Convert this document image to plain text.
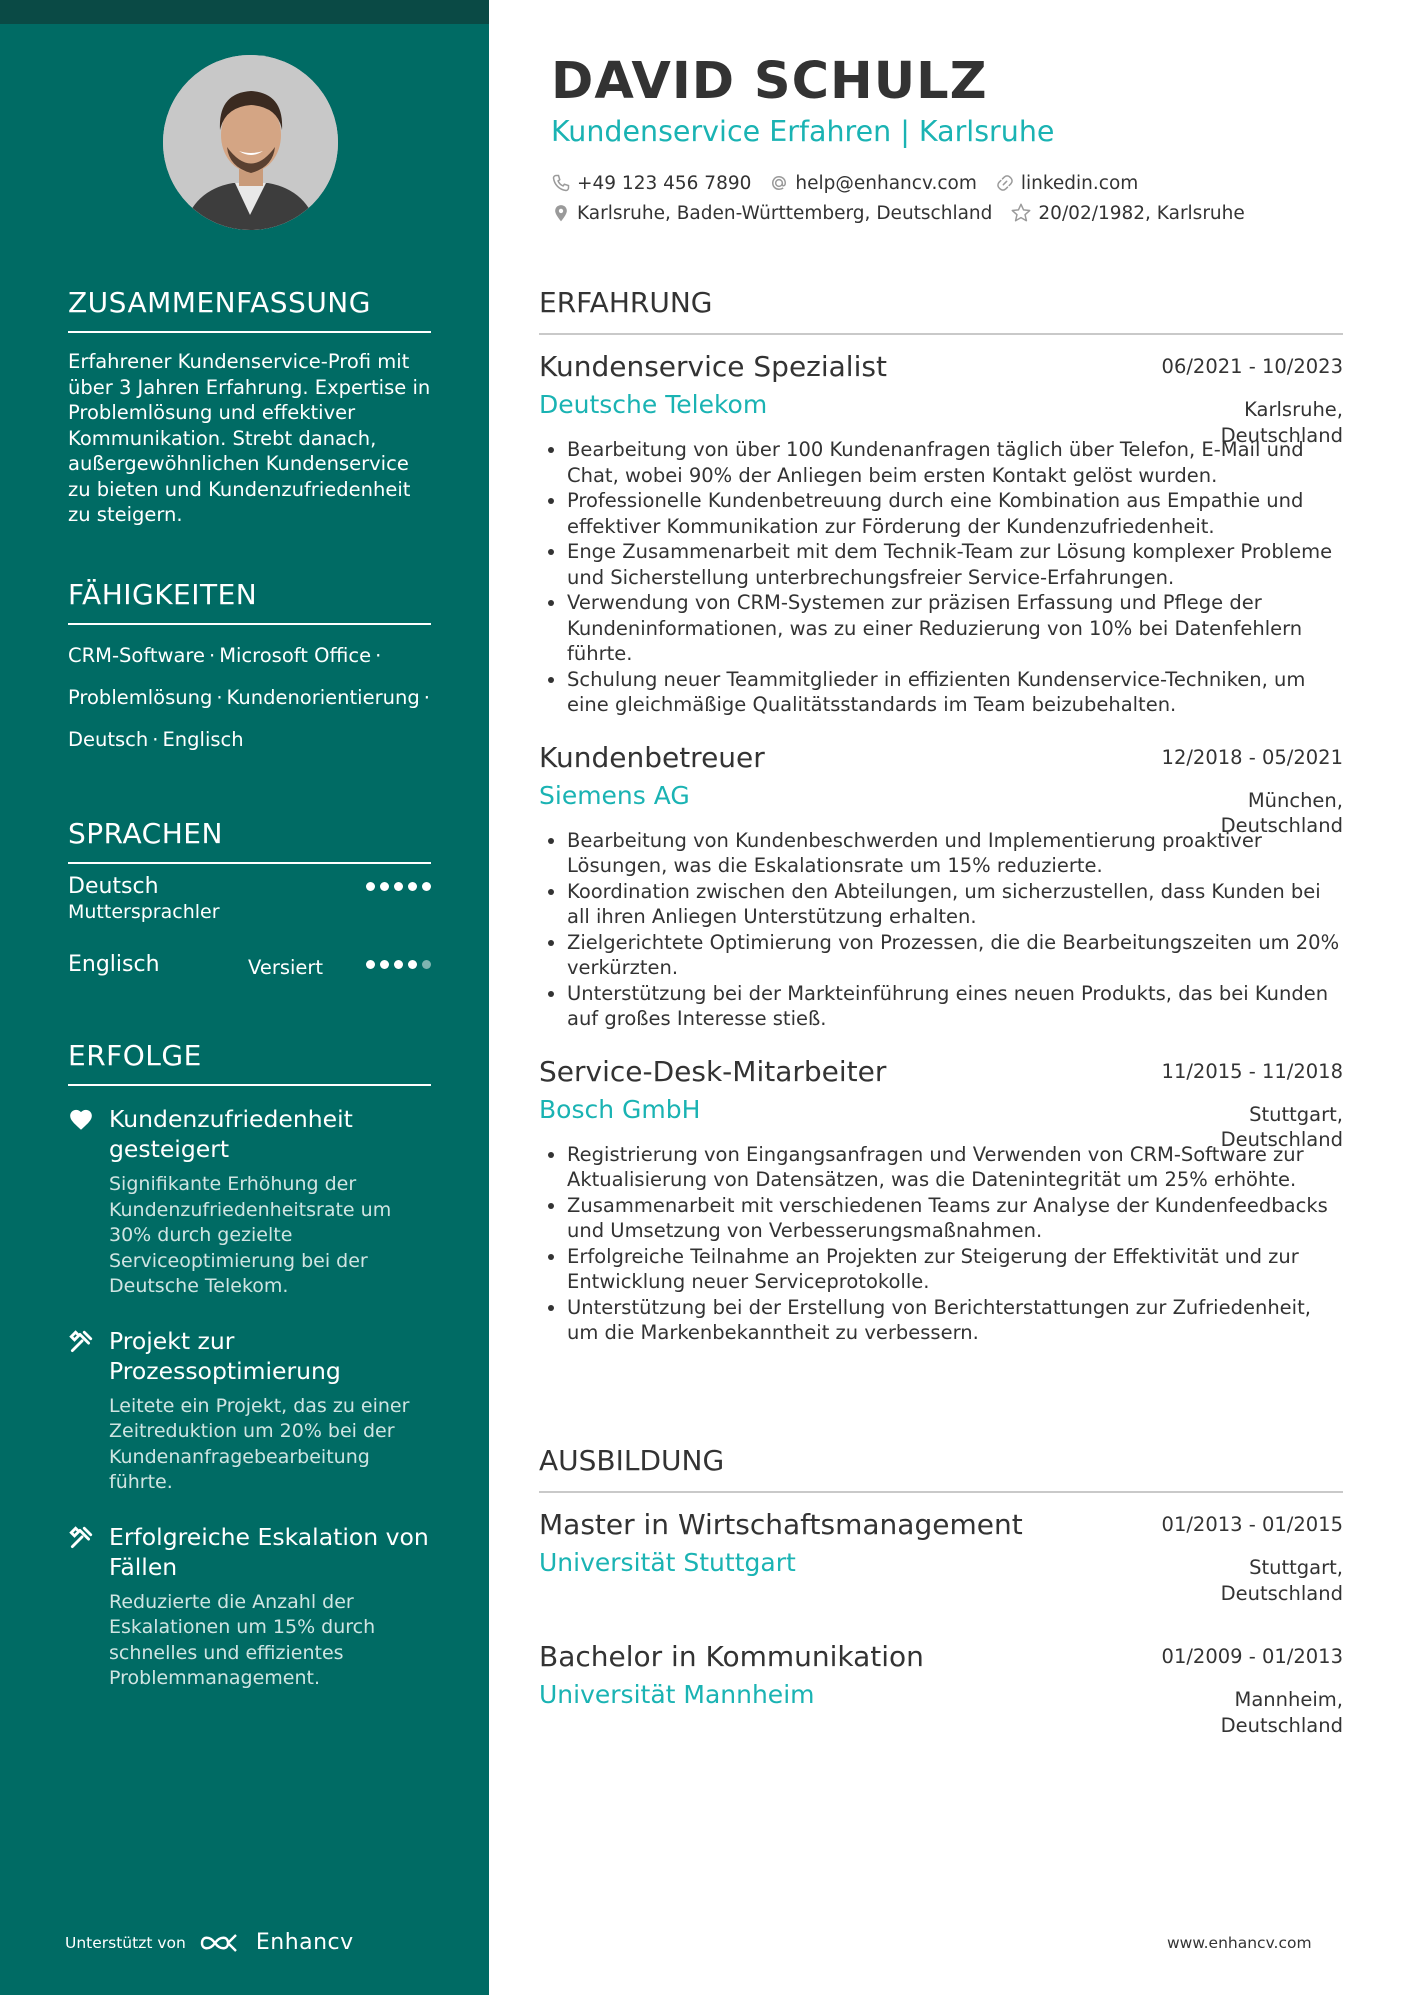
ZUSAMMENFASSUNG

Erfahrener Kundenservice-Profi mit über 3 Jahren Erfahrung. Expertise in Problemlösung und effektiver Kommunikation. Strebt danach, außergewöhnlichen Kundenservice zu bieten und Kundenzufriedenheit zu steigern.

FÄHIGKEITEN
CRM-Software · Microsoft Office ·
Problemlösung · Kundenorientierung ·
Deutsch · Englisch
SPRACHEN
Deutsch
Muttersprachler
Englisch	Versiert
ERFOLGE
Kundenzufriedenheit gesteigert
Signifikante Erhöhung der Kundenzufriedenheitsrate um 30% durch gezielte Serviceoptimierung bei der Deutsche Telekom.
Projekt zur Prozessoptimierung
Leitete ein Projekt, das zu einer Zeitreduktion um 20% bei der Kundenanfragebearbeitung führte.
Erfolgreiche Eskalation von Fällen
Reduzierte die Anzahl der Eskalationen um 15% durch schnelles und effizientes Problemmanagement.
Unterstützt von	Enhancv
DAVID SCHULZ
Kundenservice Erfahren | Karlsruhe
+49 123 456 7890 help@enhancv.com linkedin.com
Karlsruhe, Baden-Württemberg, Deutschland 20/02/1982, Karlsruhe
ERFAHRUNG
Kundenservice Spezialist	06/2021 - 10/2023
Deutsche Telekom	Karlsruhe, Deutschland
• Bearbeitung von über 100 Kundenanfragen täglich über Telefon, E-Mail und Chat, wobei 90% der Anliegen beim ersten Kontakt gelöst wurden.
• Professionelle Kundenbetreuung durch eine Kombination aus Empathie und effektiver Kommunikation zur Förderung der Kundenzufriedenheit.
• Enge Zusammenarbeit mit dem Technik-Team zur Lösung komplexer Probleme und Sicherstellung unterbrechungsfreier Service-Erfahrungen.
• Verwendung von CRM-Systemen zur präzisen Erfassung und Pflege der Kundeninformationen, was zu einer Reduzierung von 10% bei Datenfehlern führte.
• Schulung neuer Teammitglieder in effizienten Kundenservice-Techniken, um eine gleichmäßige Qualitätsstandards im Team beizubehalten.
Kundenbetreuer	12/2018 - 05/2021
Siemens AG	München, Deutschland
• Bearbeitung von Kundenbeschwerden und Implementierung proaktiver Lösungen, was die Eskalationsrate um 15% reduzierte.
• Koordination zwischen den Abteilungen, um sicherzustellen, dass Kunden bei all ihren Anliegen Unterstützung erhalten.
• Zielgerichtete Optimierung von Prozessen, die die Bearbeitungszeiten um 20% verkürzten.
• Unterstützung bei der Markteinführung eines neuen Produkts, das bei Kunden auf großes Interesse stieß.
Service-Desk-Mitarbeiter	11/2015 - 11/2018
Bosch GmbH	Stuttgart, Deutschland
• Registrierung von Eingangsanfragen und Verwenden von CRM-Software zur Aktualisierung von Datensätzen, was die Datenintegrität um 25% erhöhte.
• Zusammenarbeit mit verschiedenen Teams zur Analyse der Kundenfeedbacks und Umsetzung von Verbesserungsmaßnahmen.
• Erfolgreiche Teilnahme an Projekten zur Steigerung der Effektivität und zur Entwicklung neuer Serviceprotokolle.
• Unterstützung bei der Erstellung von Berichterstattungen zur Zufriedenheit, um die Markenbekanntheit zu verbessern.
AUSBILDUNG
Master in Wirtschaftsmanagement	01/2013 - 01/2015
Universität Stuttgart	Stuttgart, Deutschland
Bachelor in Kommunikation	01/2009 - 01/2013
Universität Mannheim	Mannheim, Deutschland
www.enhancv.com
